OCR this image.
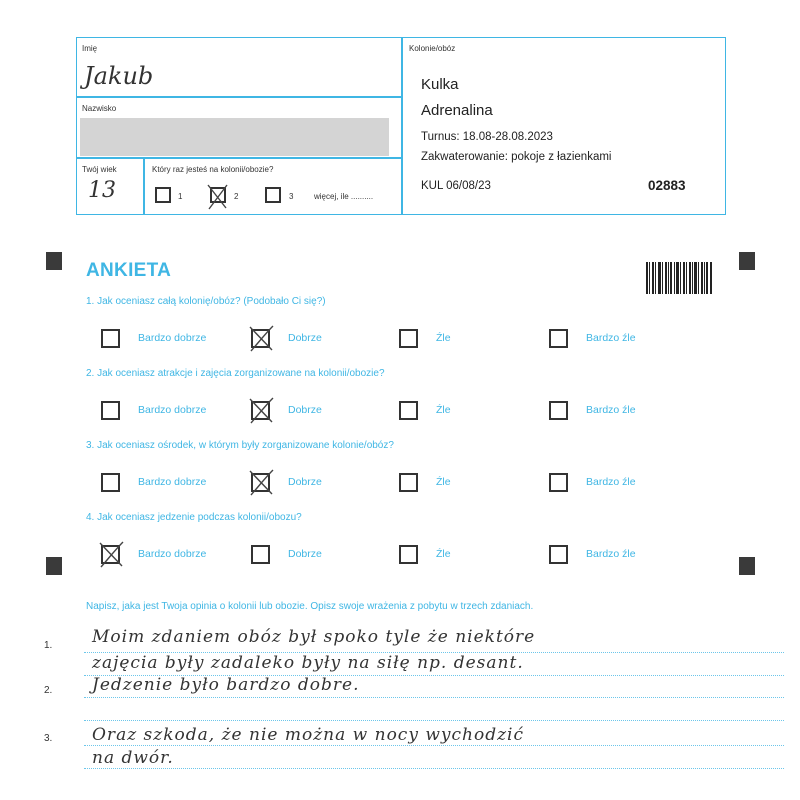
Imię
Jakub
Nazwisko
Twój wiek
13
Który raz jesteś na kolonii/obozie?
1	2	3	więcej, ile ..........
Kolonie/obóz
Kulka
Adrenalina
Turnus: 18.08-28.08.2023
Zakwaterowanie: pokoje z łazienkami
KUL 06/08/23	02883
ANKIETA
1. Jak oceniasz całą kolonię/obóz? (Podobało Ci się?)
Bardzo dobrze	Dobrze	Źle	Bardzo źle
2. Jak oceniasz atrakcje i zajęcia zorganizowane na kolonii/obozie?
Bardzo dobrze	Dobrze	Źle	Bardzo źle
3. Jak oceniasz ośrodek, w którym były zorganizowane kolonie/obóz?
Bardzo dobrze	Dobrze	Źle	Bardzo źle
4. Jak oceniasz jedzenie podczas kolonii/obozu?
Bardzo dobrze	Dobrze	Źle	Bardzo źle
Napisz, jaka jest Twoja opinia o kolonii lub obozie. Opisz swoje wrażenia z pobytu w trzech zdaniach.
1.
2.
3.
Moim zdaniem obóz był spoko tyle że niektóre
zajęcia były zadaleko były na siłę np. desant.
Jedzenie było bardzo dobre.
Oraz szkoda, że nie można w nocy wychodzić
na dwór.
